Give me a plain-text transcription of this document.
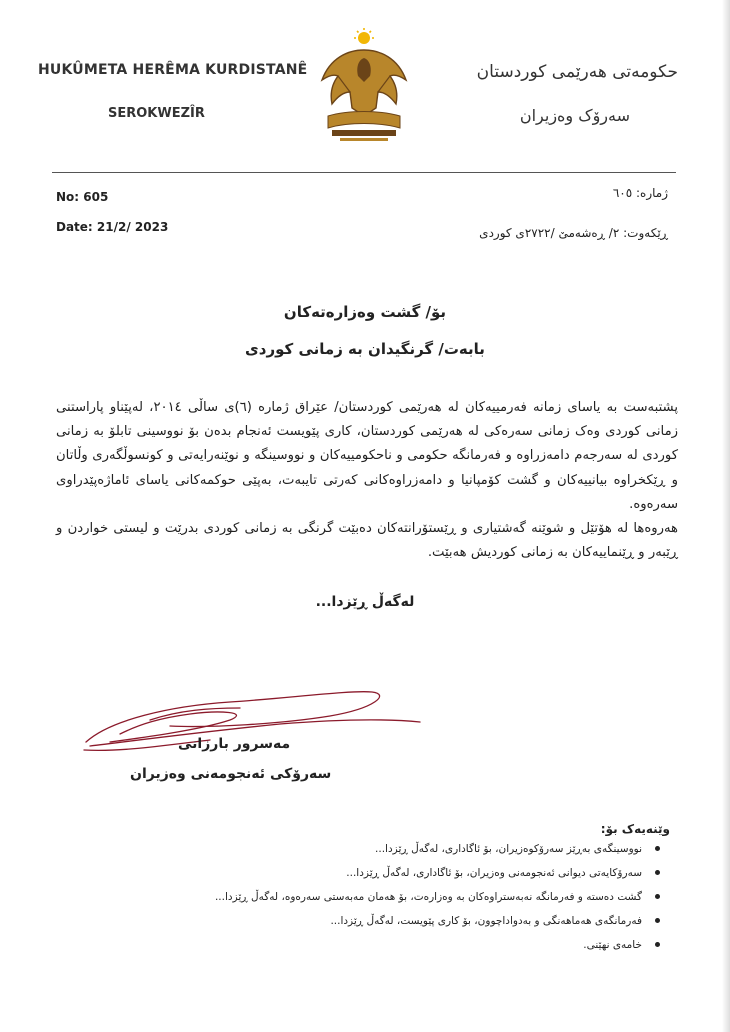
HUKÛMETA HERÊMA KURDISTANÊ
SEROKWEZÎR
حکومەتی هەرێمی کوردستان
سەرۆک وەزیران
No: 605
Date: 21/2/ 2023
ژمارە: ٦٠٥
ڕێکەوت: ٢/ ڕەشەمێ /٢٧٢٢ی کوردی
بۆ/ گشت وەزارەتەکان
بابەت/ گرنگیدان بە زمانی کوردی

پشتبەست بە یاسای زمانە فەرمییەکان لە هەرێمی کوردستان/ عێراق ژمارە (٦)ی ساڵی ٢٠١٤، لەپێناو پاراستنی زمانی کوردی وەک زمانی سەرەکی لە هەرێمی کوردستان، کاری پێویست ئەنجام بدەن بۆ نووسینی تابلۆ بە زمانی کوردی لە سەرجەم دامەزراوە و فەرمانگە حکومی و ناحکومییەکان و نووسینگە و نوێنەرایەتی و کونسوڵگەری وڵاتان و ڕێکخراوە بیانییەکان و گشت کۆمپانیا و دامەزراوەکانی کەرتی تایبەت، بەپێی حوکمەکانی یاسای ئاماژەپێدراوی سەرەوە.

هەروەها لە هۆتێل و شوێنە گەشتیاری و ڕێستۆرانتەکان دەبێت گرنگی بە زمانی کوردی بدرێت و لیستی خواردن و ڕێبەر و ڕێنماییەکان بە زمانی کوردیش هەبێت.

لەگەڵ ڕێزدا...
مەسرور بارزانی
سەرۆکی ئەنجومەنی وەزیران
وێنەیەک بۆ:
نووسینگەی بەڕێز سەرۆکوەزیران، بۆ ئاگاداری، لەگەڵ ڕێزدا...
سەرۆکایەتی دیوانی ئەنجومەنی وەزیران، بۆ ئاگاداری، لەگەڵ ڕێزدا...
گشت دەستە و فەرمانگە نەبەستراوەکان بە وەزارەت، بۆ هەمان مەبەستی سەرەوە، لەگەڵ ڕێزدا...
فەرمانگەی هەماهەنگی و بەدواداچوون، بۆ کاری پێویست، لەگەڵ ڕێزدا...
خامەی نهێنی.
